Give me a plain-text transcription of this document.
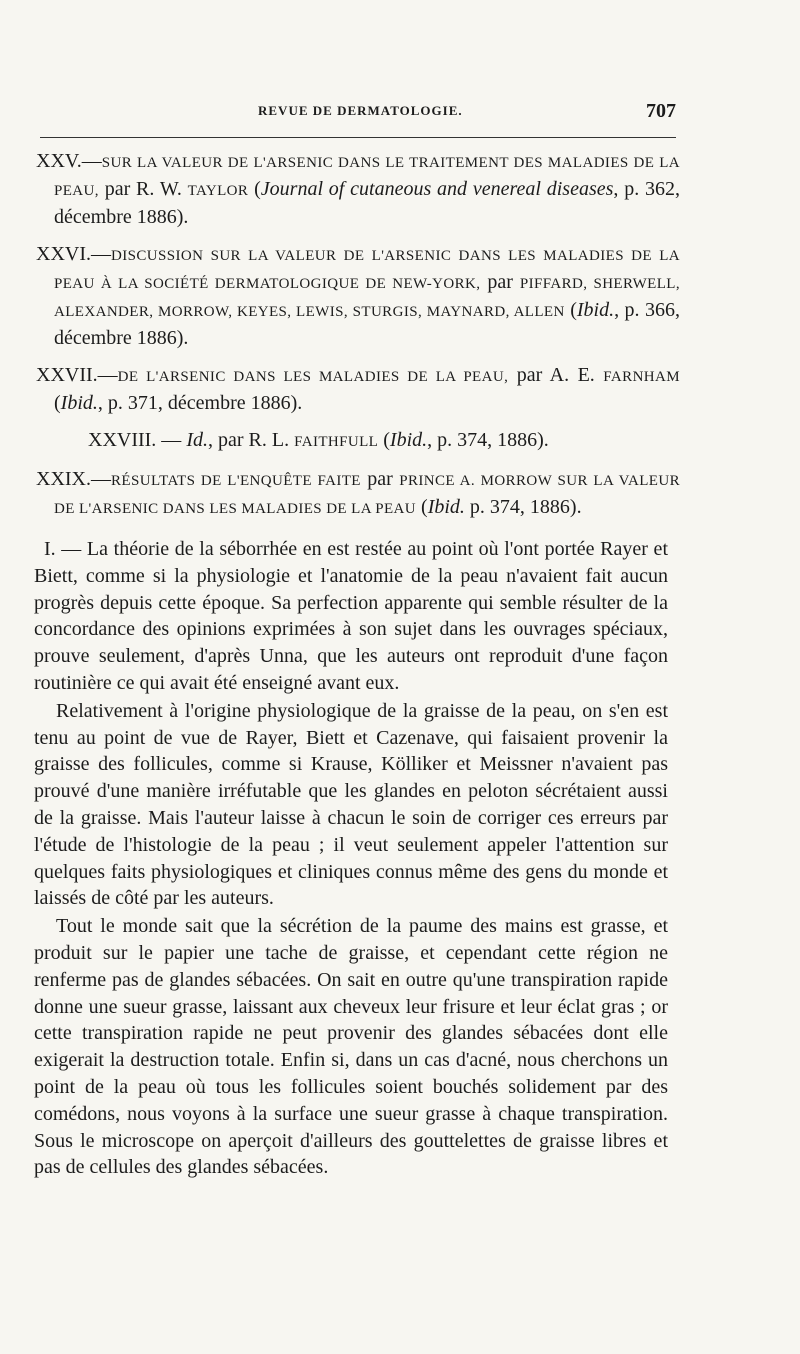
REVUE DE DERMATOLOGIE.	707

XXV.—SUR LA VALEUR DE L'ARSENIC DANS LE TRAITEMENT DES MALADIES DE LA PEAU, par R. W. TAYLOR (Journal of cutaneous and venereal diseases, p. 362, décembre 1886).

XXVI.—DISCUSSION SUR LA VALEUR DE L'ARSENIC DANS LES MALADIES DE LA PEAU À LA SOCIÉTÉ DERMATOLOGIQUE DE NEW-YORK, par PIFFARD, SHERWELL, ALEXANDER, MORROW, KEYES, LEWIS, STURGIS, MAYNARD, ALLEN (Ibid., p. 366, décembre 1886).

XXVII.—DE L'ARSENIC DANS LES MALADIES DE LA PEAU, par A. E. FARNHAM (Ibid., p. 371, décembre 1886).

XXVIII. — Id., par R. L. FAITHFULL (Ibid., p. 374, 1886).

XXIX.—RÉSULTATS DE L'ENQUÊTE FAITE par PRINCE A. MORROW SUR LA VALEUR DE L'ARSENIC DANS LES MALADIES DE LA PEAU (Ibid. p. 374, 1886).

I. — La théorie de la séborrhée en est restée au point où l'ont portée Rayer et Biett, comme si la physiologie et l'anatomie de la peau n'avaient fait aucun progrès depuis cette époque. Sa perfection apparente qui semble résulter de la concordance des opinions exprimées à son sujet dans les ouvrages spéciaux, prouve seulement, d'après Unna, que les auteurs ont reproduit d'une façon routinière ce qui avait été enseigné avant eux.

Relativement à l'origine physiologique de la graisse de la peau, on s'en est tenu au point de vue de Rayer, Biett et Cazenave, qui faisaient provenir la graisse des follicules, comme si Krause, Kölliker et Meissner n'avaient pas prouvé d'une manière irréfutable que les glandes en peloton sécrétaient aussi de la graisse. Mais l'auteur laisse à chacun le soin de corriger ces erreurs par l'étude de l'histologie de la peau ; il veut seulement appeler l'attention sur quelques faits physiologiques et cliniques connus même des gens du monde et laissés de côté par les auteurs.

Tout le monde sait que la sécrétion de la paume des mains est grasse, et produit sur le papier une tache de graisse, et cependant cette région ne renferme pas de glandes sébacées. On sait en outre qu'une transpiration rapide donne une sueur grasse, laissant aux cheveux leur frisure et leur éclat gras ; or cette transpiration rapide ne peut provenir des glandes sébacées dont elle exigerait la destruction totale. Enfin si, dans un cas d'acné, nous cherchons un point de la peau où tous les follicules soient bouchés solidement par des comédons, nous voyons à la surface une sueur grasse à chaque transpiration. Sous le microscope on aperçoit d'ailleurs des gouttelettes de graisse libres et pas de cellules des glandes sébacées.
